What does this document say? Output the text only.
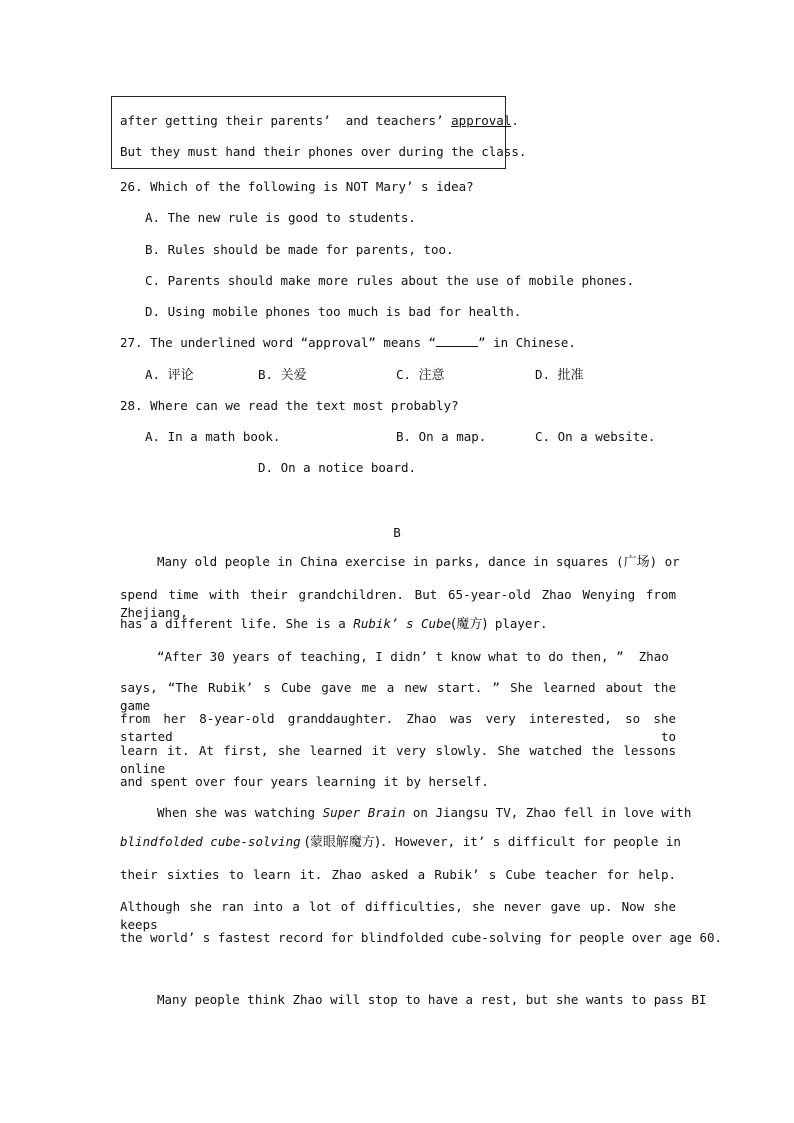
after getting their parents’  and teachers’ approval.
But they must hand their phones over during the class.
26. Which of the following is NOT Mary’ s idea?
A. The new rule is good to students.
B. Rules should be made for parents, too.
C. Parents should make more rules about the use of mobile phones.
D. Using mobile phones too much is bad for health.
27. The underlined word “approval” means “	” in Chinese.
A. 评论	B. 关爱	C. 注意	D. 批准
28. Where can we read the text most probably?
A. In a math book.	B. On a map.	C. On a website.
D. On a notice board.
B
Many old people in China exercise in parks, dance in squares (广场) or
spend time with their grandchildren. But 65-year-old Zhao Wenying from Zhejiang,
has a different life. She is a Rubik’ s Cube(魔方) player.
“After 30 years of teaching, I didn’ t know what to do then, ”  Zhao
says, “The Rubik’ s Cube gave me a new start. ” She learned about the game
from her 8-year-old granddaughter. Zhao was very interested, so she started to
learn it. At first, she learned it very slowly. She watched the lessons online
and spent over four years learning it by herself.
When she was watching Super Brain on Jiangsu TV, Zhao fell in love with
blindfolded cube-solving (蒙眼解魔方). However, it’ s difficult for people in
their sixties to learn it. Zhao asked a Rubik’ s Cube teacher for help.
Although she ran into a lot of difficulties, she never gave up. Now she keeps
the world’ s fastest record for blindfolded cube-solving for people over age 60.
Many people think Zhao will stop to have a rest, but she wants to pass BI
